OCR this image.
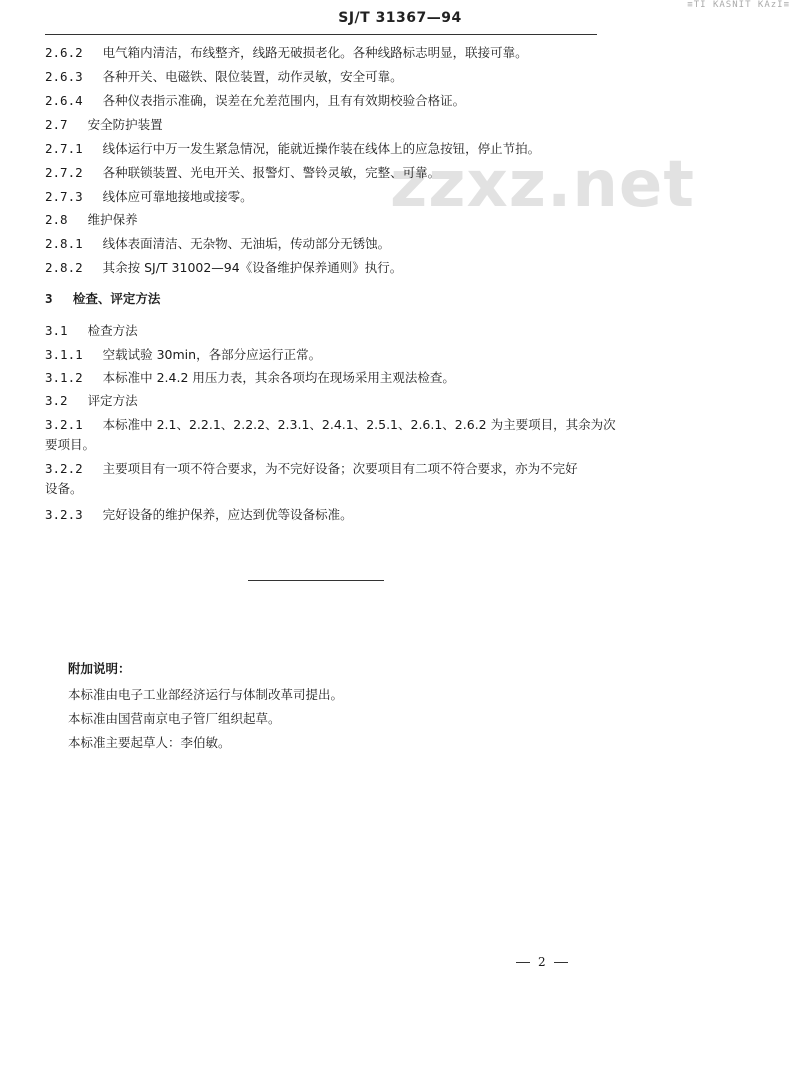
≡TI KASNIT KAzI≡
SJ/T 31367—94
zzxz.net
2.6.2 电气箱内清洁，布线整齐，线路无破损老化。各种线路标志明显，联接可靠。
2.6.3 各种开关、电磁铁、限位装置，动作灵敏，安全可靠。
2.6.4 各种仪表指示准确，误差在允差范围内，且有有效期校验合格证。
2.7 安全防护装置
2.7.1 线体运行中万一发生紧急情况，能就近操作装在线体上的应急按钮，停止节拍。
2.7.2 各种联锁装置、光电开关、报警灯、警铃灵敏，完整、可靠。
2.7.3 线体应可靠地接地或接零。
2.8 维护保养
2.8.1 线体表面清洁、无杂物、无油垢，传动部分无锈蚀。
2.8.2 其余按 SJ/T 31002—94《设备维护保养通则》执行。
3 检查、评定方法
3.1 检查方法
3.1.1 空载试验 30min，各部分应运行正常。
3.1.2 本标准中 2.4.2 用压力表，其余各项均在现场采用主观法检查。
3.2 评定方法
3.2.1 本标准中 2.1、2.2.1、2.2.2、2.3.1、2.4.1、2.5.1、2.6.1、2.6.2 为主要项目，其余为次
要项目。
3.2.2 主要项目有一项不符合要求，为不完好设备；次要项目有二项不符合要求，亦为不完好
设备。
3.2.3 完好设备的维护保养，应达到优等设备标准。
附加说明：
本标准由电子工业部经济运行与体制改革司提出。
本标准由国营南京电子管厂组织起草。
本标准主要起草人：李伯敏。
2
